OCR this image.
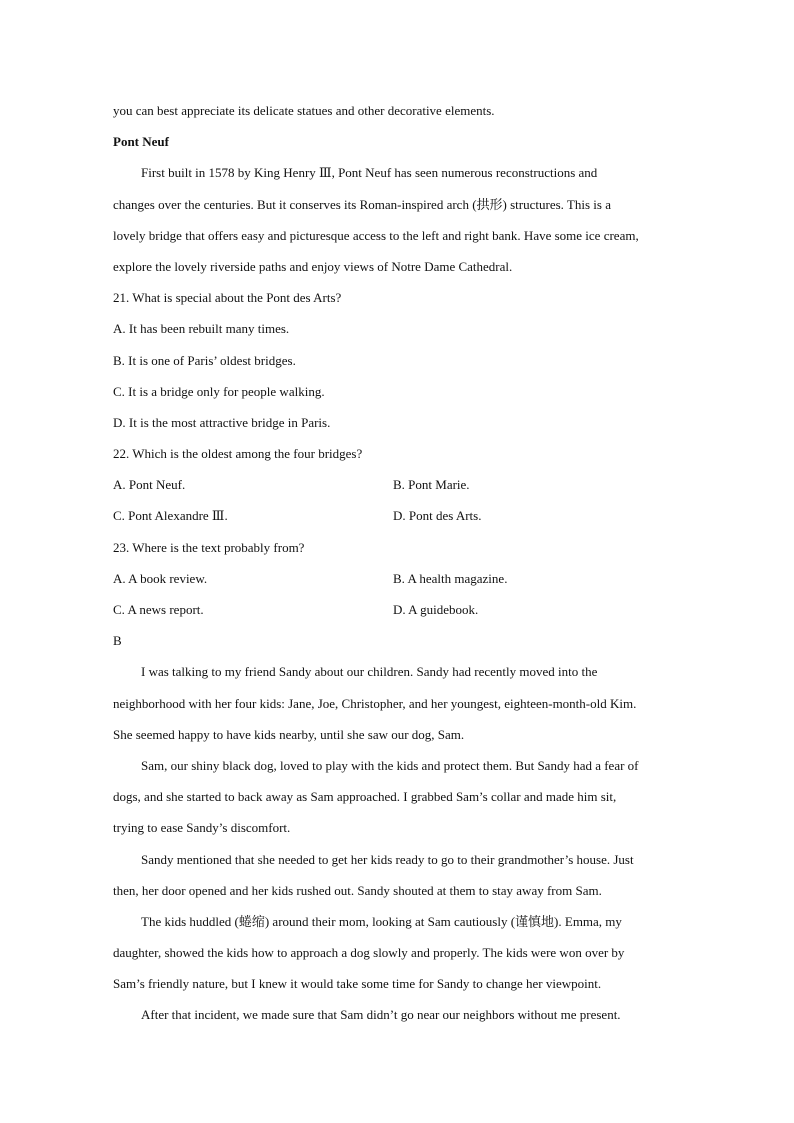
you can best appreciate its delicate statues and other decorative elements.
Pont Neuf
First built in 1578 by King Henry Ⅲ, Pont Neuf has seen numerous reconstructions and
changes over the centuries. But it conserves its Roman-inspired arch (拱形) structures. This is a
lovely bridge that offers easy and picturesque access to the left and right bank. Have some ice cream,
explore the lovely riverside paths and enjoy views of Notre Dame Cathedral.
21. What is special about the Pont des Arts?
A. It has been rebuilt many times.
B. It is one of Paris’ oldest bridges.
C. It is a bridge only for people walking.
D. It is the most attractive bridge in Paris.
22. Which is the oldest among the four bridges?
A. Pont Neuf.	B. Pont Marie.
C. Pont Alexandre Ⅲ.	D. Pont des Arts.
23. Where is the text probably from?
A. A book review.	B. A health magazine.
C. A news report.	D. A guidebook.
B
I was talking to my friend Sandy about our children. Sandy had recently moved into the
neighborhood with her four kids: Jane, Joe, Christopher, and her youngest, eighteen-month-old Kim.
She seemed happy to have kids nearby, until she saw our dog, Sam.
Sam, our shiny black dog, loved to play with the kids and protect them. But Sandy had a fear of
dogs, and she started to back away as Sam approached. I grabbed Sam’s collar and made him sit,
trying to ease Sandy’s discomfort.
Sandy mentioned that she needed to get her kids ready to go to their grandmother’s house. Just
then, her door opened and her kids rushed out. Sandy shouted at them to stay away from Sam.
The kids huddled (蜷缩) around their mom, looking at Sam cautiously (谨慎地). Emma, my
daughter, showed the kids how to approach a dog slowly and properly. The kids were won over by
Sam’s friendly nature, but I knew it would take some time for Sandy to change her viewpoint.
After that incident, we made sure that Sam didn’t go near our neighbors without me present.
